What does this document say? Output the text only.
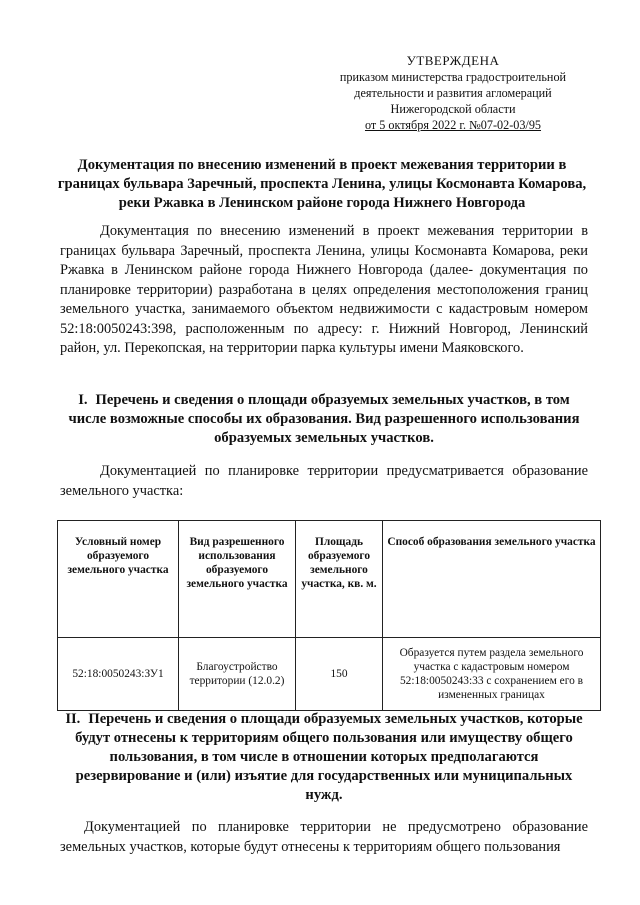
УТВЕРЖДЕНА
приказом министерства градостроительной
деятельности и развития агломераций
Нижегородской области
от 5 октября 2022 г. №07-02-03/95
Документация по внесению изменений в проект межевания территории в границах бульвара Заречный, проспекта Ленина, улицы Космонавта Комарова, реки Ржавка в Ленинском районе города Нижнего Новгорода
Документация по внесению изменений в проект межевания территории в границах бульвара Заречный, проспекта Ленина, улицы Космонавта Комарова, реки Ржавка в Ленинском районе города Нижнего Новгорода (далее- документация по планировке территории) разработана в целях определения местоположения границ земельного участка, занимаемого объектом недвижимости с кадастровым номером 52:18:0050243:398, расположенным по адресу: г. Нижний Новгород, Ленинский район, ул. Перекопская, на территории парка культуры имени Маяковского.
I. Перечень и сведения о площади образуемых земельных участков, в том числе возможные способы их образования. Вид разрешенного использования образуемых земельных участков.
Документацией по планировке территории предусматривается образование земельного участка:
Условный номер образуемого земельного участка	Вид разрешенного использования образуемого земельного участка	Площадь образуемого земельного участка, кв. м.	Способ образования земельного участка
52:18:0050243:ЗУ1	Благоустройство территории (12.0.2)	150	Образуется путем раздела земельного участка с кадастровым номером 52:18:0050243:33 с сохранением его в измененных границах
II. Перечень и сведения о площади образуемых земельных участков, которые будут отнесены к территориям общего пользования или имуществу общего пользования, в том числе в отношении которых предполагаются резервирование и (или) изъятие для государственных или муниципальных нужд.
Документацией по планировке территории не предусмотрено образование земельных участков, которые будут отнесены к территориям общего пользования
